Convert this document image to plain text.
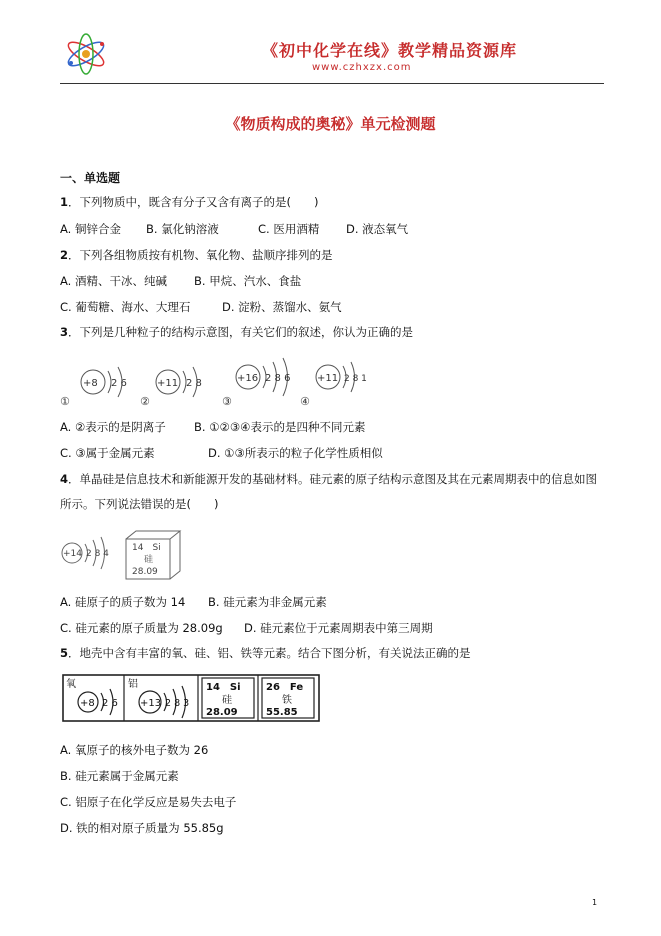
《初中化学在线》教学精品资源库
www.czhxzx.com
《物质构成的奥秘》单元检测题
一、单选题
1．下列物质中，既含有分子又含有离子的是(　　)
A. 铜锌合金 B. 氯化钠溶液	C. 医用酒精 D. 液态氧气
2．下列各组物质按有机物、氧化物、盐顺序排列的是
A. 酒精、干冰、纯碱 B. 甲烷、汽水、食盐
C. 葡萄糖、海水、大理石	D. 淀粉、蒸馏水、氨气
3．下列是几种粒子的结构示意图，有关它们的叙述，你认为正确的是
+8 2 6
①
+11 2 8
②
+16 2 8 6
③
+11 2 8 1
④
A. ②表示的是阴离子 B. ①②③④表示的是四种不同元素
C. ③属于金属元素	D. ①③所表示的粒子化学性质相似
4．单晶硅是信息技术和新能源开发的基础材料。硅元素的原子结构示意图及其在元素周期表中的信息如图
所示。下列说法错误的是(　　)
+14 2 8 4
14　Si
硅
28.09
A. 硅原子的质子数为 14 B. 硅元素为非金属元素
C. 硅元素的原子质量为 28.09g D. 硅元素位于元素周期表中第三周期
5．地壳中含有丰富的氧、硅、铝、铁等元素。结合下图分析，有关说法正确的是
氧
+8 2 6
铝
+13 2 8 3
14　Si
硅
28.09
26　Fe
铁
55.85
A. 氧原子的核外电子数为 26
B. 硅元素属于金属元素
C. 铝原子在化学反应是易失去电子
D. 铁的相对原子质量为 55.85g
1
